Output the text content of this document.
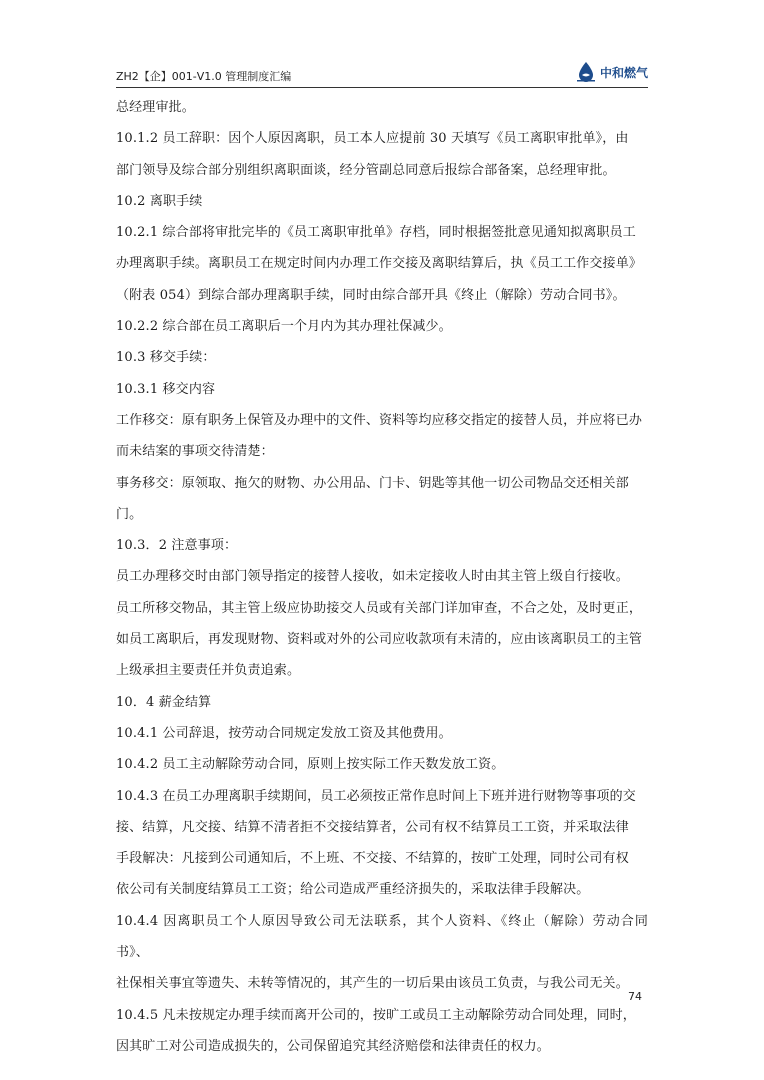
ZH2【企】001-V1.0 管理制度汇编	中和燃气

总经理审批。

10.1.2 员工辞职：因个人原因离职，员工本人应提前 30 天填写《员工离职审批单》，由

部门领导及综合部分别组织离职面谈，经分管副总同意后报综合部备案，总经理审批。

10.2 离职手续

10.2.1 综合部将审批完毕的《员工离职审批单》存档，同时根据签批意见通知拟离职员工

办理离职手续。离职员工在规定时间内办理工作交接及离职结算后，执《员工工作交接单》

（附表 054）到综合部办理离职手续，同时由综合部开具《终止（解除）劳动合同书》。

10.2.2 综合部在员工离职后一个月内为其办理社保减少。

10.3 移交手续：

10.3.1 移交内容

工作移交：原有职务上保管及办理中的文件、资料等均应移交指定的接替人员，并应将已办

而未结案的事项交待清楚：

事务移交：原领取、拖欠的财物、办公用品、门卡、钥匙等其他一切公司物品交还相关部

门。

10.3．2 注意事项：

员工办理移交时由部门领导指定的接替人接收，如未定接收人时由其主管上级自行接收。

员工所移交物品，其主管上级应协助接交人员或有关部门详加审查，不合之处，及时更正，

如员工离职后，再发现财物、资料或对外的公司应收款项有未清的，应由该离职员工的主管

上级承担主要责任并负责追索。

10．4 薪金结算

10.4.1 公司辞退，按劳动合同规定发放工资及其他费用。

10.4.2 员工主动解除劳动合同，原则上按实际工作天数发放工资。

10.4.3 在员工办理离职手续期间，员工必须按正常作息时间上下班并进行财物等事项的交

接、结算，凡交接、结算不清者拒不交接结算者，公司有权不结算员工工资，并采取法律

手段解决：凡接到公司通知后，不上班、不交接、不结算的，按旷工处理，同时公司有权

依公司有关制度结算员工工资；给公司造成严重经济损失的，采取法律手段解决。

10.4.4 因离职员工个人原因导致公司无法联系，其个人资料、《终止（解除）劳动合同书》、

社保相关事宜等遗失、未转等情况的，其产生的一切后果由该员工负责，与我公司无关。

10.4.5 凡未按规定办理手续而离开公司的，按旷工或员工主动解除劳动合同处理，同时，

因其旷工对公司造成损失的，公司保留追究其经济赔偿和法律责任的权力。

74
